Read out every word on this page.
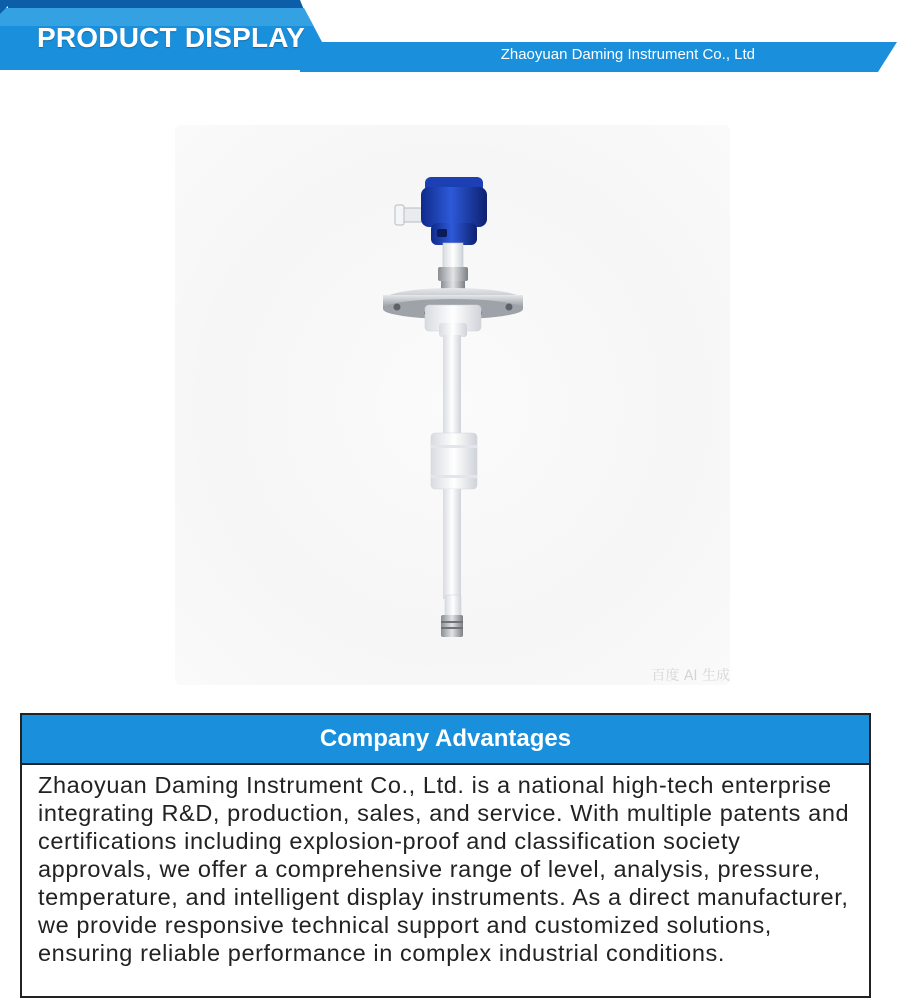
PRODUCT DISPLAY
Zhaoyuan Daming Instrument Co., Ltd
百度 AI 生成
Company Advantages
Zhaoyuan Daming Instrument Co., Ltd. is a national high-tech enterprise integrating R&D, production, sales, and service. With multiple patents and certifications including explosion-proof and classification society approvals, we offer a comprehensive range of level, analysis, pressure, temperature, and intelligent display instruments. As a direct manufacturer, we provide responsive technical support and customized solutions, ensuring reliable performance in complex industrial conditions.
